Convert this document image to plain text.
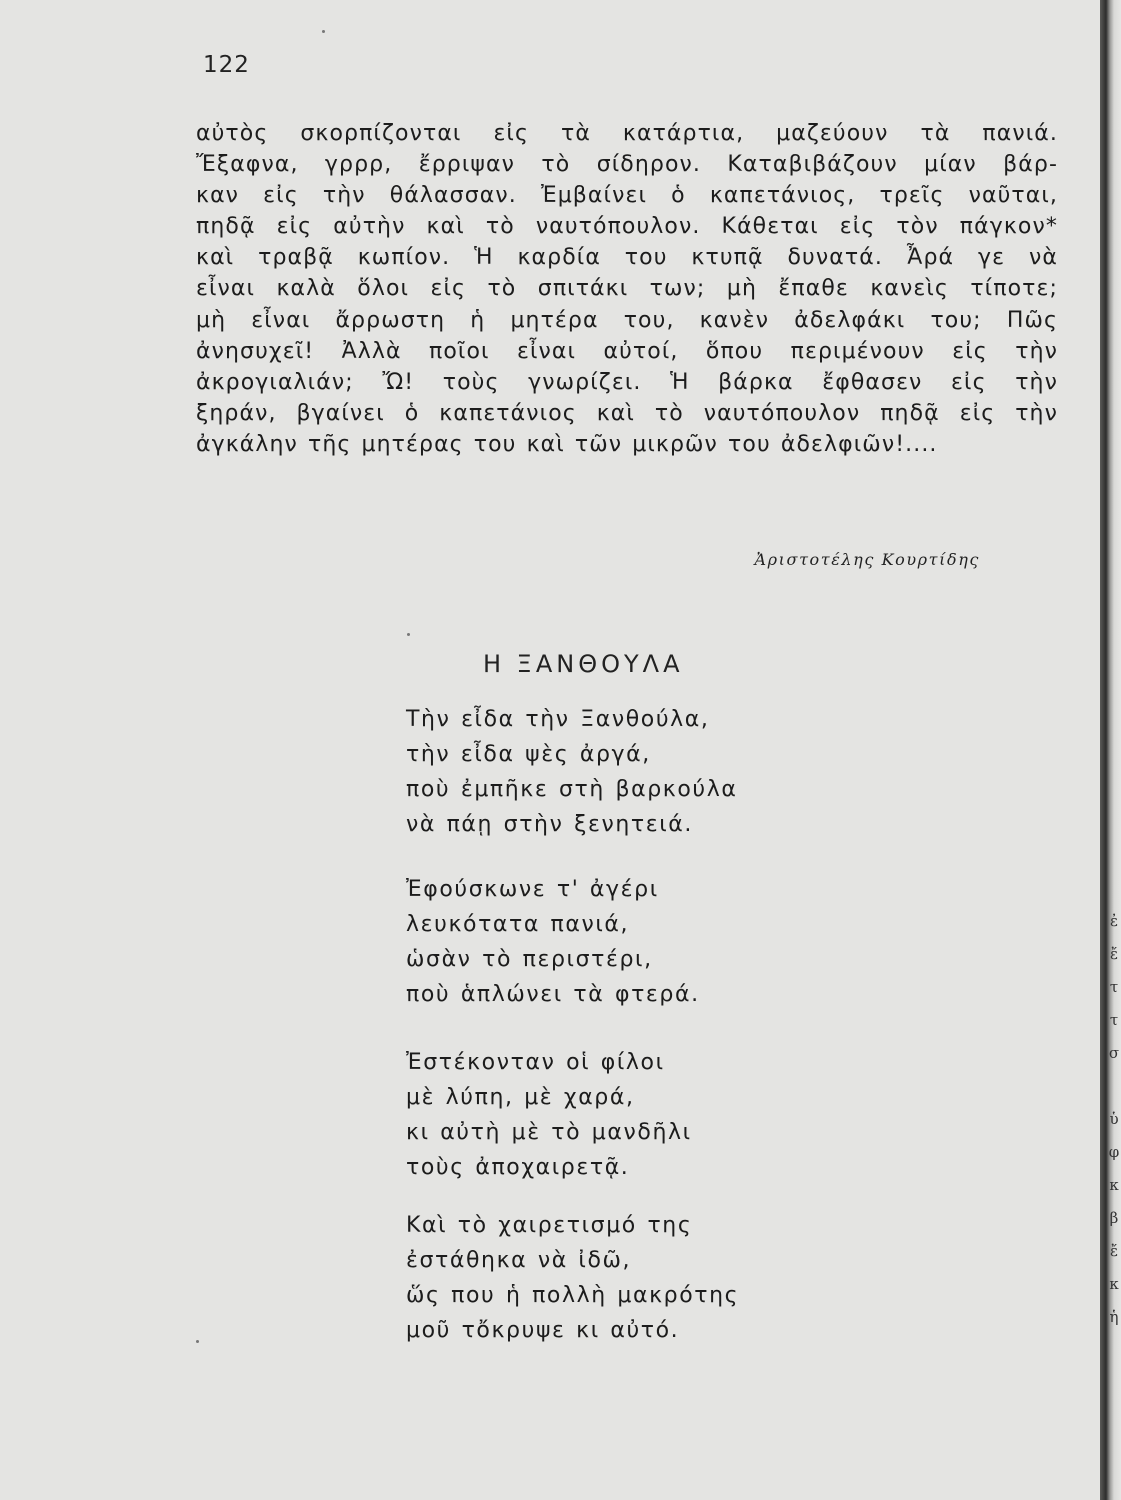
122
αὐτὸς σκορπίζονται εἰς τὰ κατάρτια, μαζεύουν τὰ πανιά.
Ἔξαφνα, γρρρ, ἔρριψαν τὸ σίδηρον. Καταβιβάζουν μίαν βάρ-
καν εἰς τὴν θάλασσαν. Ἐμβαίνει ὁ καπετάνιος, τρεῖς ναῦται,
πηδᾷ εἰς αὐτὴν καὶ τὸ ναυτόπουλον. Κάθεται εἰς τὸν πάγκον*
καὶ τραβᾷ κωπίον. Ἡ καρδία του κτυπᾷ δυνατά. Ἆρά γε νὰ
εἶναι καλὰ ὅλοι εἰς τὸ σπιτάκι των; μὴ ἔπαθε κανεὶς τίποτε;
μὴ εἶναι ἄρρωστη ἡ μητέρα του, κανὲν ἀδελφάκι του; Πῶς
ἀνησυχεῖ! Ἀλλὰ ποῖοι εἶναι αὐτοί, ὅπου περιμένουν εἰς τὴν
ἀκρογιαλιάν; Ὤ! τοὺς γνωρίζει. Ἡ βάρκα ἔφθασεν εἰς τὴν
ξηράν, βγαίνει ὁ καπετάνιος καὶ τὸ ναυτόπουλον πηδᾷ εἰς τὴν
ἀγκάλην τῆς μητέρας του καὶ τῶν μικρῶν του ἀδελφιῶν!....
Ἀριστοτέλης Κουρτίδης
Η ΞΑΝΘΟΥΛΑ
Τὴν εἶδα τὴν Ξανθούλα,
τὴν εἶδα ψὲς ἀργά,
ποὺ ἐμπῆκε στὴ βαρκούλα
νὰ πάῃ στὴν ξενητειά.
Ἐφούσκωνε τ' ἀγέρι
λευκότατα πανιά,
ὡσὰν τὸ περιστέρι,
ποὺ ἁπλώνει τὰ φτερά.
Ἐστέκονταν οἱ φίλοι
μὲ λύπη, μὲ χαρά,
κι αὐτὴ μὲ τὸ μανδῆλι
τοὺς ἀποχαιρετᾷ.
Καὶ τὸ χαιρετισμό της
ἐστάθηκα νὰ ἰδῶ,
ὥς που ἡ πολλὴ μακρότης
μοῦ τὄκρυψε κι αὐτό.
ἐ
ἔ
τ
τ
σ

ὑ
φ
κ
β
ἔ
κ
ἡ
